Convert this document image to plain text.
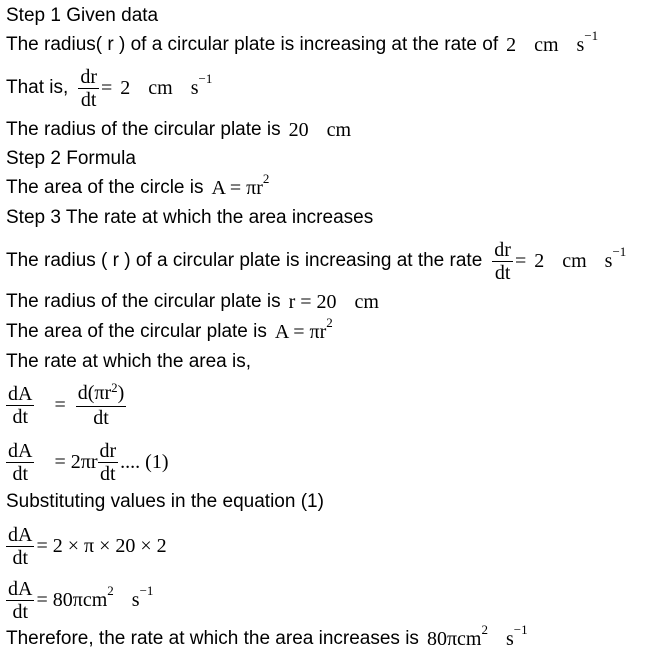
Step 1 Given data
The radius( r ) of a circular plate is increasing at the rate of 2 cm s −1
That is, $\frac{dr}{dt} = 2$ cm s −1
The radius of the circular plate is 20 cm
Step 2 Formula
The area of the circle is A = πr 2
Step 3 The rate at which the area increases
The radius ( r ) of a circular plate is increasing at the rate $\frac{dr}{dt} = 2$ cm s −1
The radius of the circular plate is r = 20 cm
The area of the circular plate is A = πr 2
The rate at which the area is,
$\frac{dA}{dt} = \frac{d(\pi r^2)}{dt}$
$\frac{dA}{dt} = 2\pi r \frac{dr}{dt}$ .... (1)
Substituting values in the equation (1)
$\frac{dA}{dt} = 2 \times \pi \times 20 \times 2$
$\frac{dA}{dt} = 80\pi cm$ 2 s −1
Therefore, the rate at which the area increases is 80πcm 2 s −1
